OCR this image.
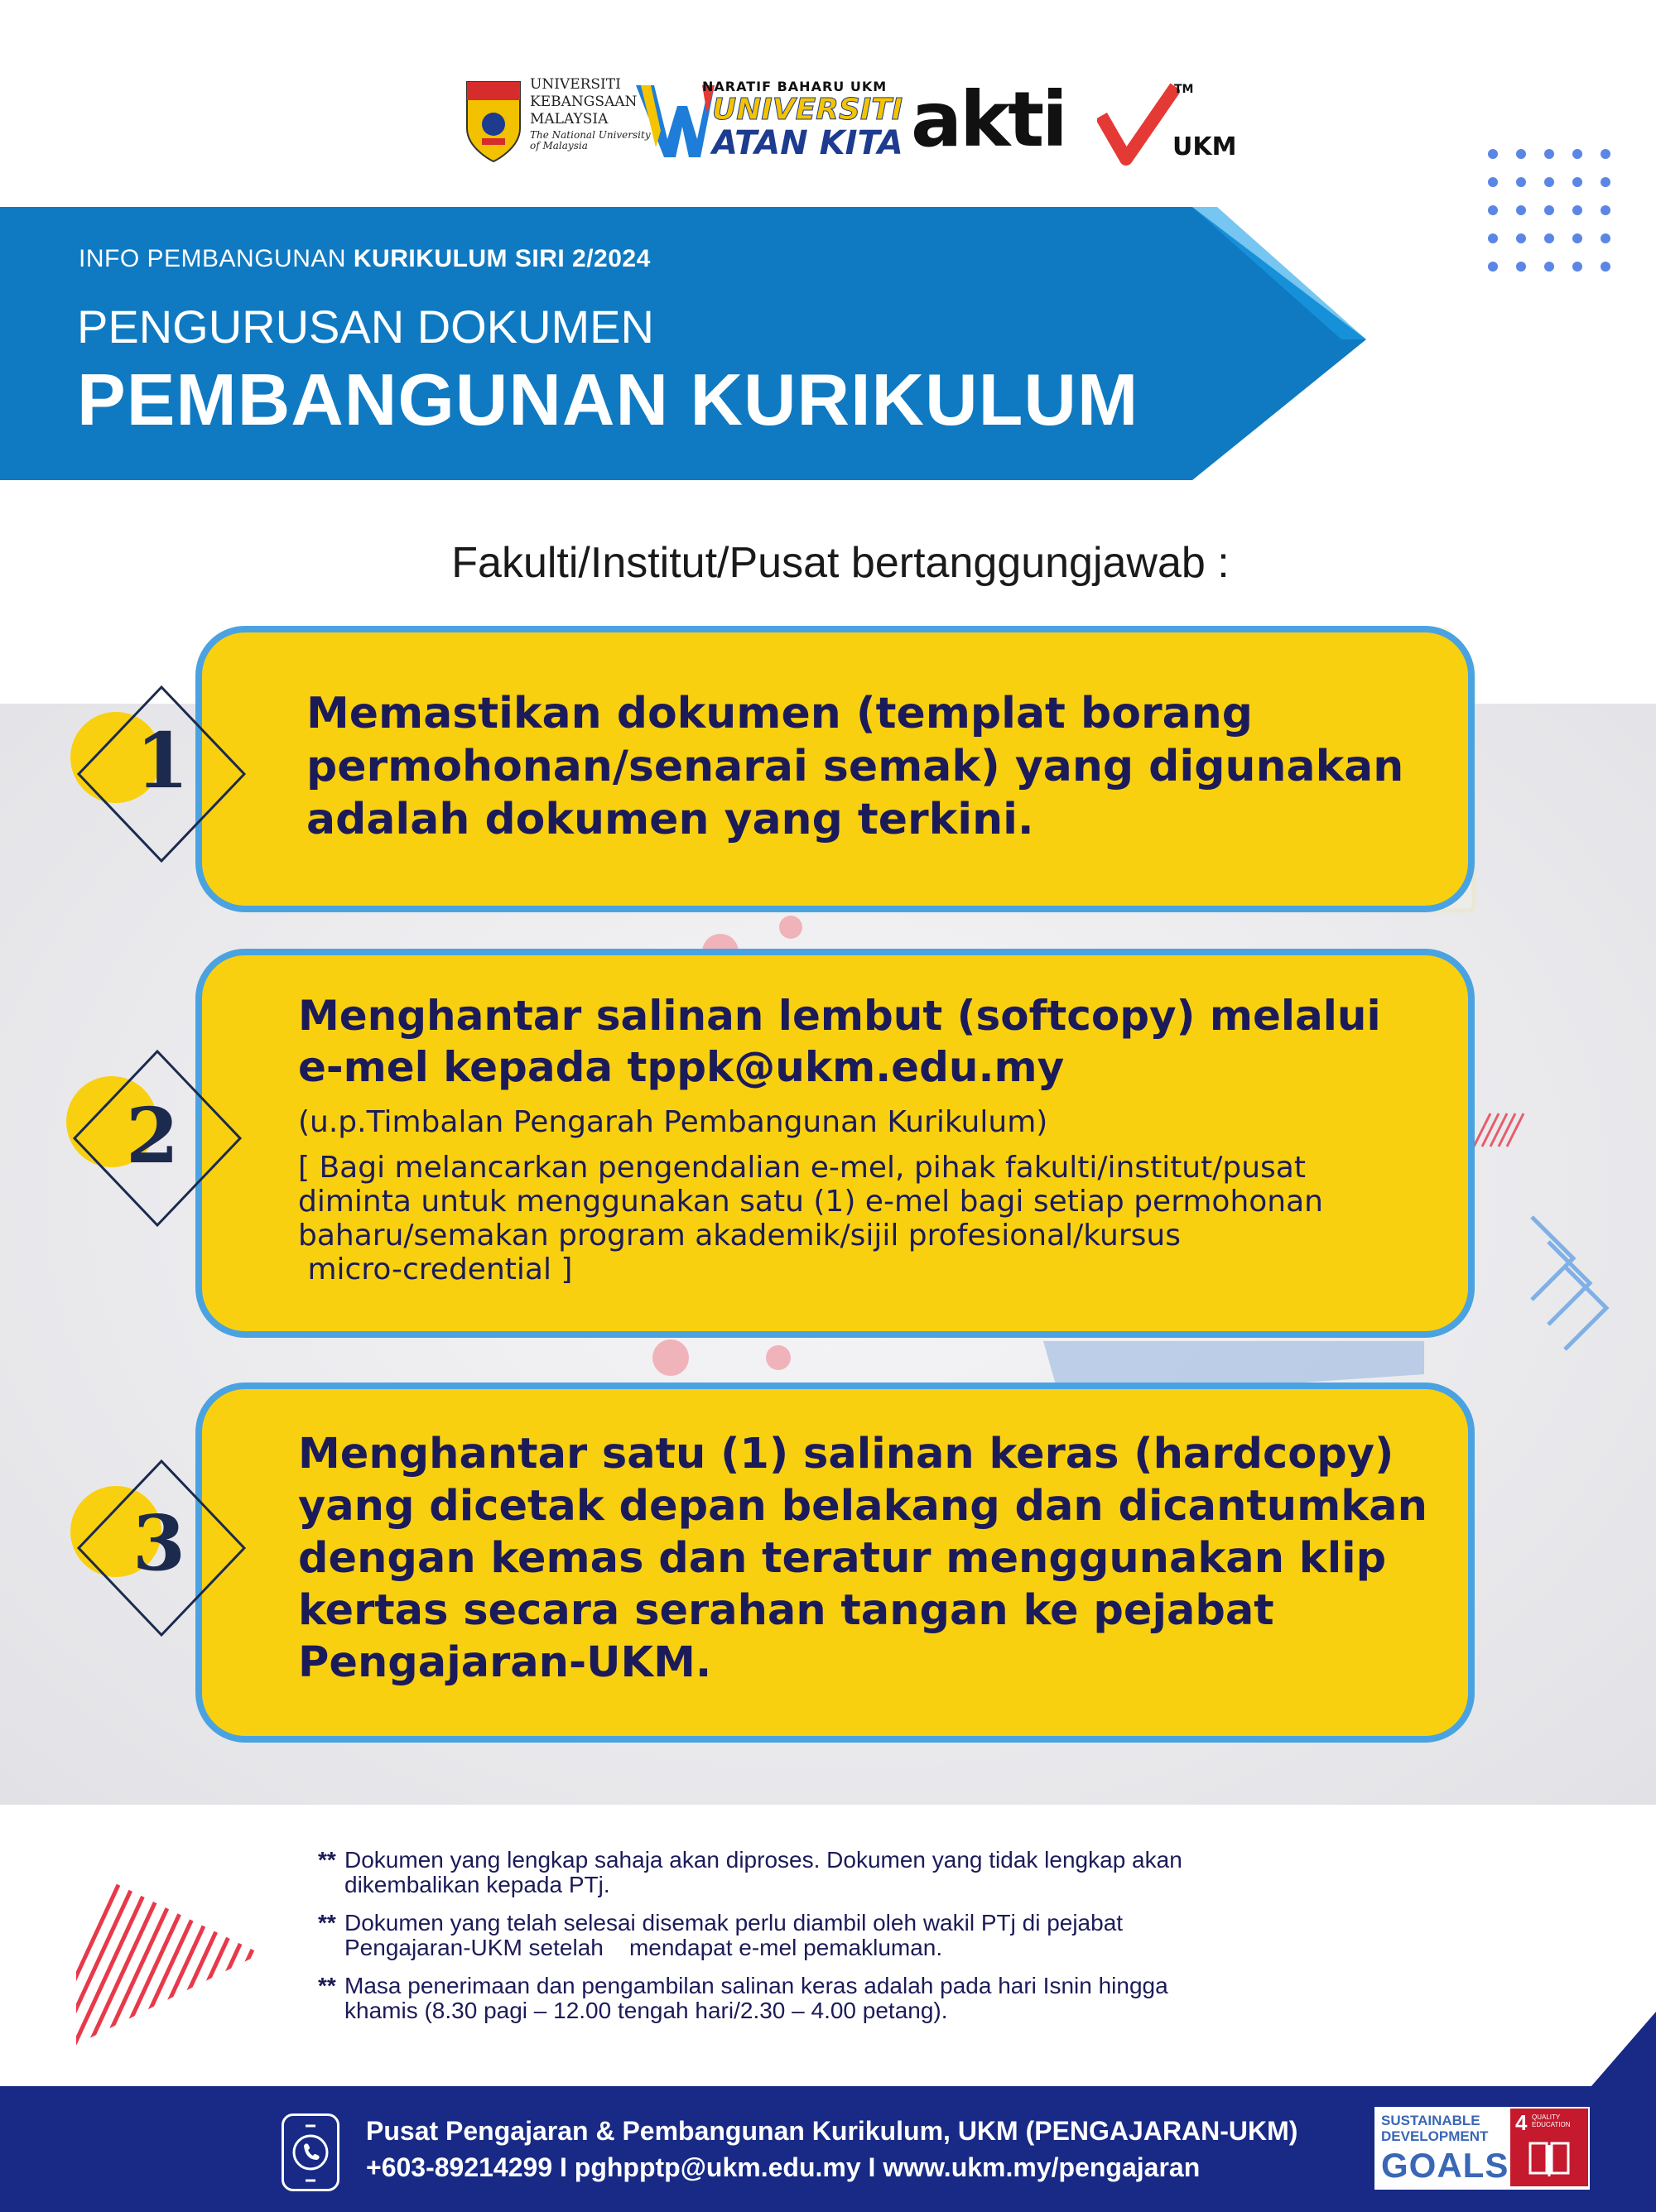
UNIVERSITI
KEBANGSAAN
MALAYSIA
The National University of Malaysia
NARATIF BAHARU UKM
UNIVERSITI
ATAN KITA akti	TM
UKM
INFO PEMBANGUNAN KURIKULUM SIRI 2/2024
PENGURUSAN DOKUMEN
PEMBANGUNAN KURIKULUM
Fakulti/Institut/Pusat bertanggungjawab :
1
2
3
Memastikan dokumen (templat borang permohonan/senarai semak) yang digunakan adalah dokumen yang terkini.
Menghantar salinan lembut (softcopy) melalui
e-mel kepada tppk@ukm.edu.my
(u.p.Timbalan Pengarah Pembangunan Kurikulum)
[ Bagi melancarkan pengendalian e-mel, pihak fakulti/institut/pusat
diminta untuk menggunakan satu (1) e-mel bagi setiap permohonan
baharu/semakan program akademik/sijil profesional/kursus
micro-credential ]
Menghantar satu (1) salinan keras (hardcopy) yang dicetak depan belakang dan dicantumkan dengan kemas dan teratur menggunakan klip kertas secara serahan tangan ke pejabat Pengajaran-UKM.
** Dokumen yang lengkap sahaja akan diproses. Dokumen yang tidak lengkap akan
dikembalikan kepada PTj.
** Dokumen yang telah selesai disemak perlu diambil oleh wakil PTj di pejabat
Pengajaran-UKM setelah    mendapat e-mel pemakluman.
** Masa penerimaan dan pengambilan salinan keras adalah pada hari Isnin hingga
khamis (8.30 pagi – 12.00 tengah hari/2.30 – 4.00 petang).
Pusat Pengajaran & Pembangunan Kurikulum, UKM (PENGAJARAN-UKM)
+603-89214299 I pghpptp@ukm.edu.my I www.ukm.my/pengajaran
SUSTAINABLE
DEVELOPMENT
GOALS
4 QUALITY EDUCATION
